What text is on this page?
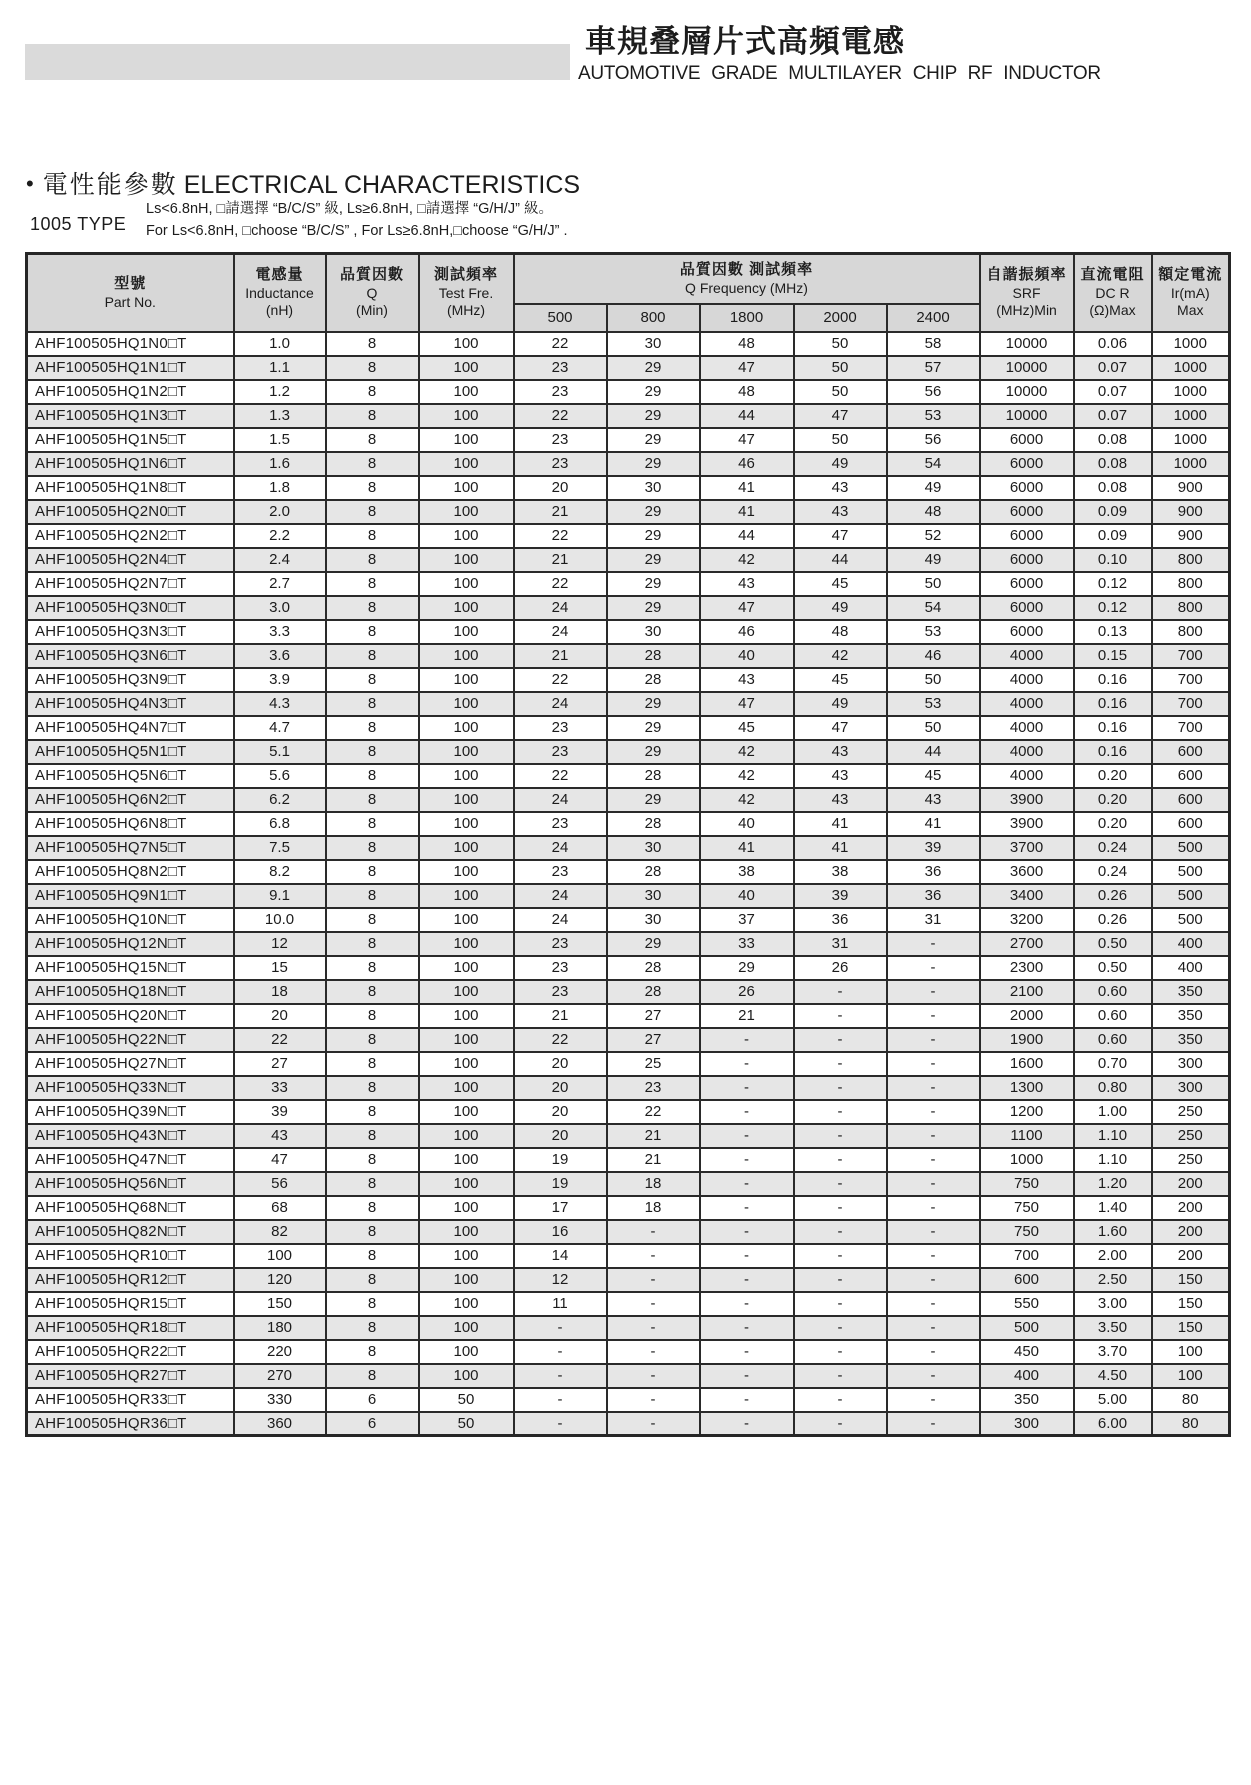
車規叠層片式高頻電感
AUTOMOTIVE GRADE MULTILAYER CHIP RF INDUCTOR
• 電性能參數 ELECTRICAL CHARACTERISTICS
1005 TYPE
Ls<6.8nH, □請選擇 “B/C/S” 級, Ls≥6.8nH, □請選擇 “G/H/J” 級。
For Ls<6.8nH, □choose “B/C/S” , For Ls≥6.8nH,□choose “G/H/J” .
型號
Part No.

電感量
Inductance
(nH)

品質因數
Q
(Min)

測試頻率
Test Fre.
(MHz)

品質因數 測試頻率
Q Frequency (MHz)

自諧振頻率
SRF
(MHz)Min

直流電阻
DC R
(Ω)Max

額定電流
Ir(mA)
Max

				500	800	1800	2000	2400			
AHF100505HQ1N0□T	1.0	8	100	22	30	48	50	58	10000	0.06	1000
AHF100505HQ1N1□T	1.1	8	100	23	29	47	50	57	10000	0.07	1000
AHF100505HQ1N2□T	1.2	8	100	23	29	48	50	56	10000	0.07	1000
AHF100505HQ1N3□T	1.3	8	100	22	29	44	47	53	10000	0.07	1000
AHF100505HQ1N5□T	1.5	8	100	23	29	47	50	56	6000	0.08	1000
AHF100505HQ1N6□T	1.6	8	100	23	29	46	49	54	6000	0.08	1000
AHF100505HQ1N8□T	1.8	8	100	20	30	41	43	49	6000	0.08	900
AHF100505HQ2N0□T	2.0	8	100	21	29	41	43	48	6000	0.09	900
AHF100505HQ2N2□T	2.2	8	100	22	29	44	47	52	6000	0.09	900
AHF100505HQ2N4□T	2.4	8	100	21	29	42	44	49	6000	0.10	800
AHF100505HQ2N7□T	2.7	8	100	22	29	43	45	50	6000	0.12	800
AHF100505HQ3N0□T	3.0	8	100	24	29	47	49	54	6000	0.12	800
AHF100505HQ3N3□T	3.3	8	100	24	30	46	48	53	6000	0.13	800
AHF100505HQ3N6□T	3.6	8	100	21	28	40	42	46	4000	0.15	700
AHF100505HQ3N9□T	3.9	8	100	22	28	43	45	50	4000	0.16	700
AHF100505HQ4N3□T	4.3	8	100	24	29	47	49	53	4000	0.16	700
AHF100505HQ4N7□T	4.7	8	100	23	29	45	47	50	4000	0.16	700
AHF100505HQ5N1□T	5.1	8	100	23	29	42	43	44	4000	0.16	600
AHF100505HQ5N6□T	5.6	8	100	22	28	42	43	45	4000	0.20	600
AHF100505HQ6N2□T	6.2	8	100	24	29	42	43	43	3900	0.20	600
AHF100505HQ6N8□T	6.8	8	100	23	28	40	41	41	3900	0.20	600
AHF100505HQ7N5□T	7.5	8	100	24	30	41	41	39	3700	0.24	500
AHF100505HQ8N2□T	8.2	8	100	23	28	38	38	36	3600	0.24	500
AHF100505HQ9N1□T	9.1	8	100	24	30	40	39	36	3400	0.26	500
AHF100505HQ10N□T	10.0	8	100	24	30	37	36	31	3200	0.26	500
AHF100505HQ12N□T	12	8	100	23	29	33	31	-	2700	0.50	400
AHF100505HQ15N□T	15	8	100	23	28	29	26	-	2300	0.50	400
AHF100505HQ18N□T	18	8	100	23	28	26	-	-	2100	0.60	350
AHF100505HQ20N□T	20	8	100	21	27	21	-	-	2000	0.60	350
AHF100505HQ22N□T	22	8	100	22	27	-	-	-	1900	0.60	350
AHF100505HQ27N□T	27	8	100	20	25	-	-	-	1600	0.70	300
AHF100505HQ33N□T	33	8	100	20	23	-	-	-	1300	0.80	300
AHF100505HQ39N□T	39	8	100	20	22	-	-	-	1200	1.00	250
AHF100505HQ43N□T	43	8	100	20	21	-	-	-	1100	1.10	250
AHF100505HQ47N□T	47	8	100	19	21	-	-	-	1000	1.10	250
AHF100505HQ56N□T	56	8	100	19	18	-	-	-	750	1.20	200
AHF100505HQ68N□T	68	8	100	17	18	-	-	-	750	1.40	200
AHF100505HQ82N□T	82	8	100	16	-	-	-	-	750	1.60	200
AHF100505HQR10□T	100	8	100	14	-	-	-	-	700	2.00	200
AHF100505HQR12□T	120	8	100	12	-	-	-	-	600	2.50	150
AHF100505HQR15□T	150	8	100	11	-	-	-	-	550	3.00	150
AHF100505HQR18□T	180	8	100	-	-	-	-	-	500	3.50	150
AHF100505HQR22□T	220	8	100	-	-	-	-	-	450	3.70	100
AHF100505HQR27□T	270	8	100	-	-	-	-	-	400	4.50	100
AHF100505HQR33□T	330	6	50	-	-	-	-	-	350	5.00	80
AHF100505HQR36□T	360	6	50	-	-	-	-	-	300	6.00	80
